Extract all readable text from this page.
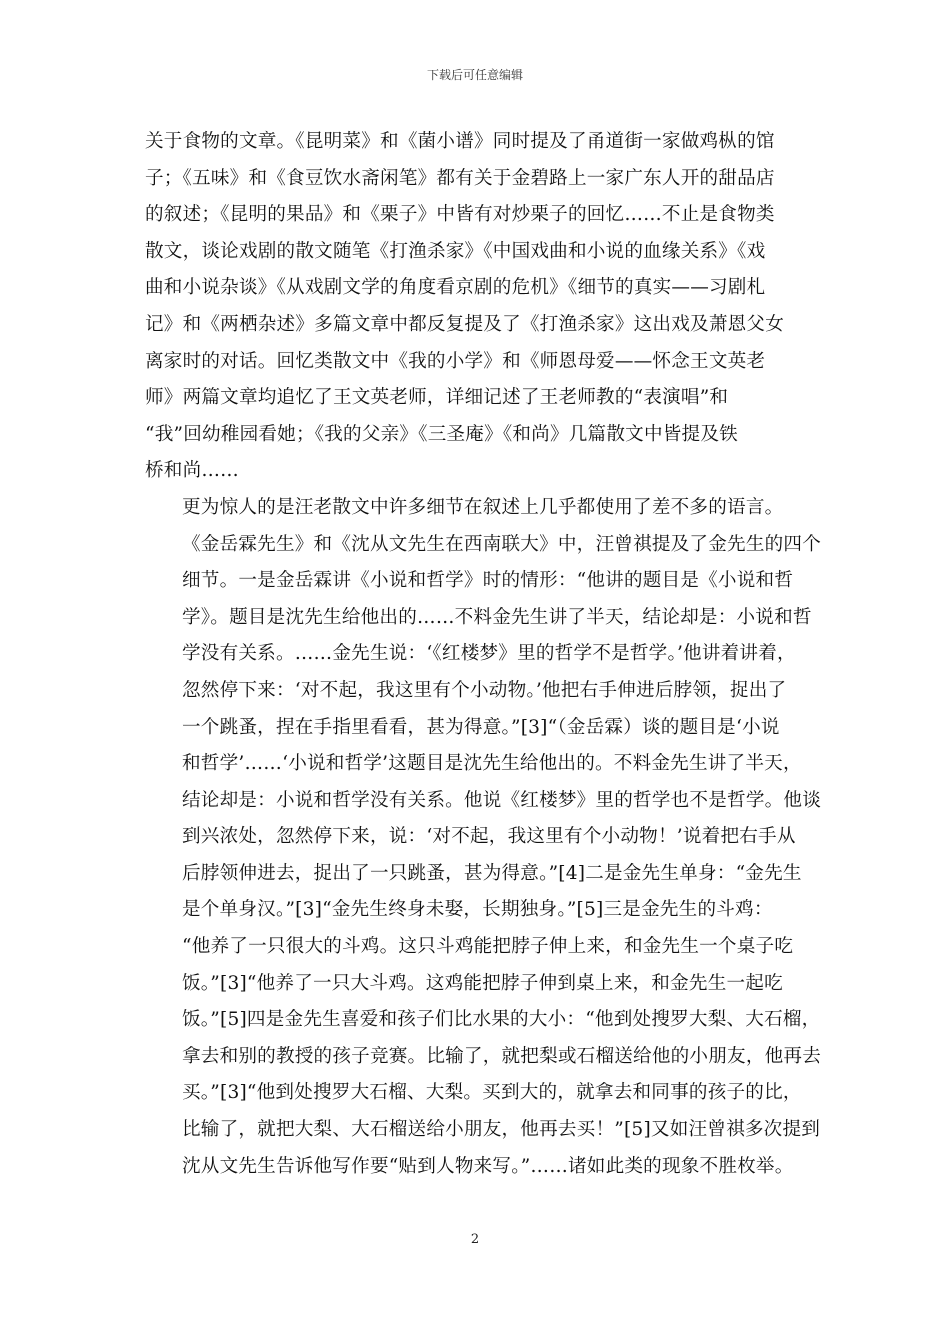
下载后可任意编辑
关于食物的文章。《昆明菜》和《菌小谱》同时提及了甬道街一家做鸡枞的馆
子；《五味》和《食豆饮水斋闲笔》都有关于金碧路上一家广东人开的甜品店
的叙述；《昆明的果品》和《栗子》中皆有对炒栗子的回忆……不止是食物类
散文，谈论戏剧的散文随笔《打渔杀家》《中国戏曲和小说的血缘关系》《戏
曲和小说杂谈》《从戏剧文学的角度看京剧的危机》《细节的真实——习剧札
记》和《两栖杂述》多篇文章中都反复提及了《打渔杀家》这出戏及萧恩父女
离家时的对话。回忆类散文中《我的小学》和《师恩母爱——怀念王文英老
师》两篇文章均追忆了王文英老师，详细记述了王老师教的“表演唱”和
“我”回幼稚园看她；《我的父亲》《三圣庵》《和尚》几篇散文中皆提及铁
桥和尚……
更为惊人的是汪老散文中许多细节在叙述上几乎都使用了差不多的语言。
《金岳霖先生》和《沈从文先生在西南联大》中，汪曾祺提及了金先生的四个
细节。一是金岳霖讲《小说和哲学》时的情形：“他讲的题目是《小说和哲
学》。题目是沈先生给他出的……不料金先生讲了半天，结论却是：小说和哲
学没有关系。……金先生说：‘《红楼梦》里的哲学不是哲学。’他讲着讲着，
忽然停下来：‘对不起，我这里有个小动物。’他把右手伸进后脖领，捉出了
一个跳蚤，捏在手指里看看，甚为得意。”[3]“（金岳霖）谈的题目是‘小说
和哲学’……‘小说和哲学’这题目是沈先生给他出的。不料金先生讲了半天，
结论却是：小说和哲学没有关系。他说《红楼梦》里的哲学也不是哲学。他谈
到兴浓处，忽然停下来，说：‘对不起，我这里有个小动物！’说着把右手从
后脖领伸进去，捉出了一只跳蚤，甚为得意。”[4]二是金先生单身：“金先生
是个单身汉。”[3]“金先生终身未娶，长期独身。”[5]三是金先生的斗鸡：
“他养了一只很大的斗鸡。这只斗鸡能把脖子伸上来，和金先生一个桌子吃
饭。”[3]“他养了一只大斗鸡。这鸡能把脖子伸到桌上来，和金先生一起吃
饭。”[5]四是金先生喜爱和孩子们比水果的大小：“他到处搜罗大梨、大石榴，
拿去和别的教授的孩子竞赛。比输了，就把梨或石榴送给他的小朋友，他再去
买。”[3]“他到处搜罗大石榴、大梨。买到大的，就拿去和同事的孩子的比，
比输了，就把大梨、大石榴送给小朋友，他再去买！”[5]又如汪曾祺多次提到
沈从文先生告诉他写作要“贴到人物来写。”……诸如此类的现象不胜枚举。
2
